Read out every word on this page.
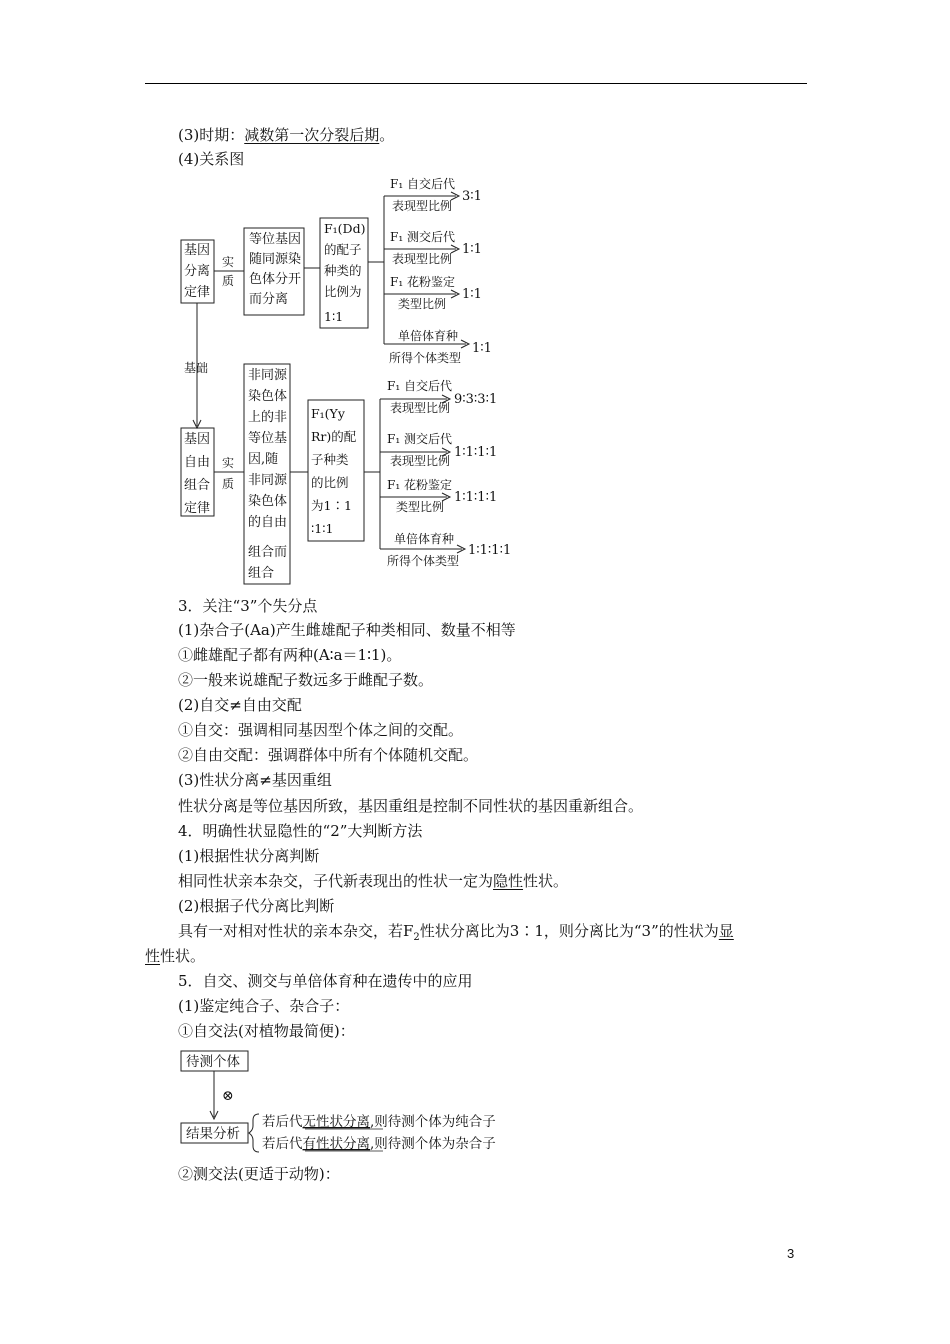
(3)时期：减数第一次分裂后期。
(4)关系图
基因
分离
定律
实
质
等位基因
随同源染
色体分开
而分离
F₁(Dd)
的配子
种类的
比例为
1∶1
F₁ 自交后代
表现型比例
3∶1
F₁ 测交后代
表现型比例
1∶1
F₁ 花粉鉴定
类型比例
1∶1
单倍体育种
所得个体类型
1∶1
基础
基因
自由
组合
定律
实
质
非同源
染色体
上的非
等位基
因,随
非同源
染色体
的自由
组合而
组合
F₁(Yy
Rr)的配
子种类
的比例
为1∶1
∶1∶1
F₁ 自交后代
表现型比例
9∶3∶3∶1
F₁ 测交后代
表现型比例
1∶1∶1∶1
F₁ 花粉鉴定
类型比例
1∶1∶1∶1
单倍体育种
所得个体类型
1∶1∶1∶1
待测个体
⊗
结果分析
若后代无性状分离,则待测个体为纯合子
若后代有性状分离,则待测个体为杂合子
3．关注“3”个失分点
(1)杂合子(Aa)产生雌雄配子种类相同、数量不相等
①雌雄配子都有两种(A∶a＝1∶1)。
②一般来说雄配子数远多于雌配子数。
(2)自交≠自由交配
①自交：强调相同基因型个体之间的交配。
②自由交配：强调群体中所有个体随机交配。
(3)性状分离≠基因重组
性状分离是等位基因所致，基因重组是控制不同性状的基因重新组合。
4．明确性状显隐性的“2”大判断方法
(1)根据性状分离判断
相同性状亲本杂交，子代新表现出的性状一定为隐性性状。
(2)根据子代分离比判断
具有一对相对性状的亲本杂交，若$F_2$性状分离比为3∶1，则分离比为“3”的性状为显
性性状。
5．自交、测交与单倍体育种在遗传中的应用
(1)鉴定纯合子、杂合子：
①自交法(对植物最简便)：
②测交法(更适于动物)：
3
